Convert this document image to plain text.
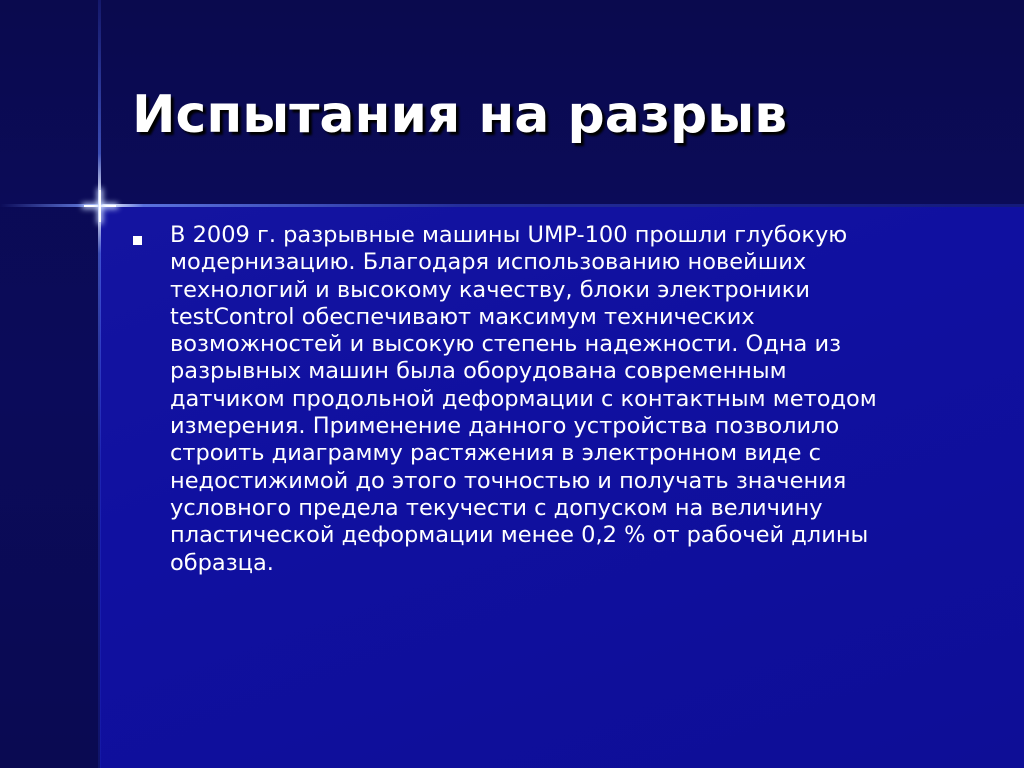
Испытания на разрыв

В 2009 г. разрывные машины UMP-100 прошли глубокую
модернизацию. Благодаря использованию новейших
технологий и высокому качеству, блоки электроники
testControl обеспечивают максимум технических
возможностей и высокую степень надежности. Одна из
разрывных машин была оборудована современным
датчиком продольной деформации с контактным методом
измерения. Применение данного устройства позволило
строить диаграмму растяжения в электронном виде с
недостижимой до этого точностью и получать значения
условного предела текучести с допуском на величину
пластической деформации менее 0,2 % от рабочей длины
образца.
